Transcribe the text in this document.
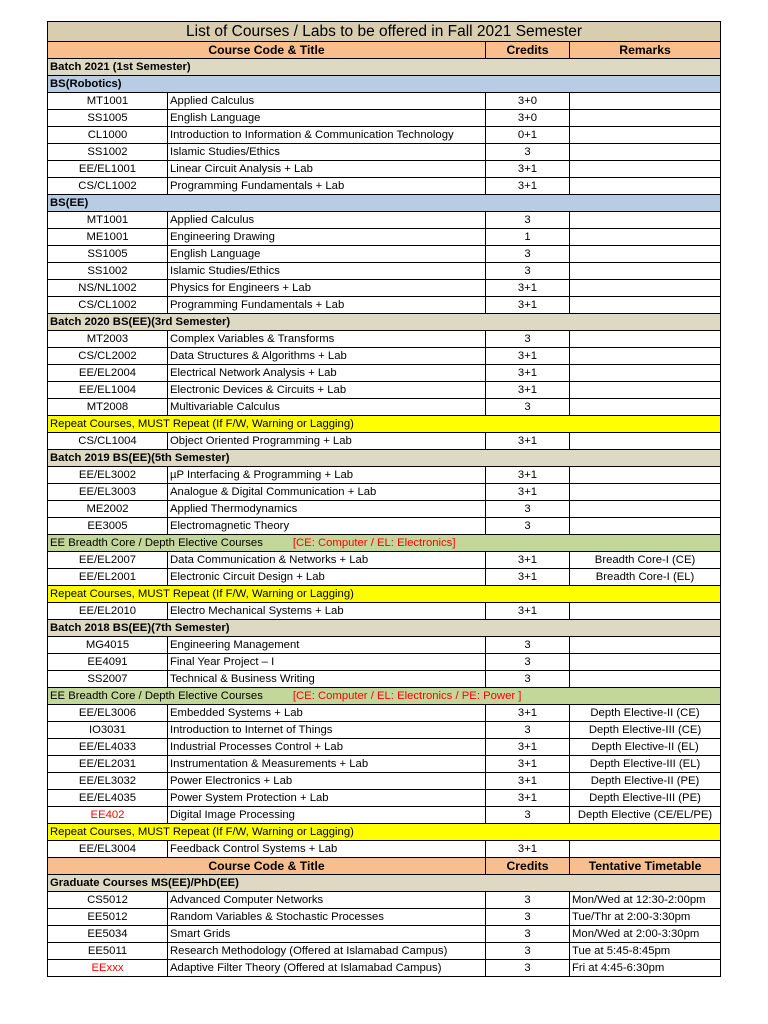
List of Courses / Labs to be offered in Fall 2021 Semester			
Course Code & Title		Credits	Remarks
Batch 2021 (1st Semester)			
BS(Robotics)			
MT1001	Applied Calculus	3+0	
SS1005	English Language	3+0	
CL1000	Introduction to Information & Communication Technology	0+1	
SS1002	Islamic Studies/Ethics	3	
EE/EL1001	Linear Circuit Analysis + Lab	3+1	
CS/CL1002	Programming Fundamentals + Lab	3+1	
BS(EE)			
MT1001	Applied Calculus	3	
ME1001	Engineering Drawing	1	
SS1005	English Language	3	
SS1002	Islamic Studies/Ethics	3	
NS/NL1002	Physics for Engineers + Lab	3+1	
CS/CL1002	Programming Fundamentals + Lab	3+1	
Batch 2020 BS(EE)(3rd Semester)			
MT2003	Complex Variables & Transforms	3	
CS/CL2002	Data Structures & Algorithms + Lab	3+1	
EE/EL2004	Electrical Network Analysis + Lab	3+1	
EE/EL1004	Electronic Devices & Circuits + Lab	3+1	
MT2008	Multivariable Calculus	3	
Repeat Courses, MUST Repeat (If F/W, Warning or Lagging)			
CS/CL1004	Object Oriented Programming + Lab	3+1	
Batch 2019 BS(EE)(5th Semester)			
EE/EL3002	µP Interfacing & Programming + Lab	3+1	
EE/EL3003	Analogue & Digital Communication + Lab	3+1	
ME2002	Applied Thermodynamics	3	
EE3005	Electromagnetic Theory	3	
EE Breadth Core / Depth Elective Courses [CE: Computer / EL: Electronics]			
EE/EL2007	Data Communication & Networks + Lab	3+1	Breadth Core-I (CE)
EE/EL2001	Electronic Circuit Design + Lab	3+1	Breadth Core-I (EL)
Repeat Courses, MUST Repeat (If F/W, Warning or Lagging)			
EE/EL2010	Electro Mechanical Systems + Lab	3+1	
Batch 2018 BS(EE)(7th Semester)			
MG4015	Engineering Management	3	
EE4091	Final Year Project – I	3	
SS2007	Technical & Business Writing	3	
EE Breadth Core / Depth Elective Courses [CE: Computer / EL: Electronics / PE: Power ]			
EE/EL3006	Embedded Systems + Lab	3+1	Depth Elective-II (CE)
IO3031	Introduction to Internet of Things	3	Depth Elective-III (CE)
EE/EL4033	Industrial Processes Control + Lab	3+1	Depth Elective-II (EL)
EE/EL2031	Instrumentation & Measurements + Lab	3+1	Depth Elective-III (EL)
EE/EL3032	Power Electronics + Lab	3+1	Depth Elective-II (PE)
EE/EL4035	Power System Protection + Lab	3+1	Depth Elective-III (PE)
EE402	Digital Image Processing	3	Depth Elective (CE/EL/PE)
Repeat Courses, MUST Repeat (If F/W, Warning or Lagging)			
EE/EL3004	Feedback Control Systems + Lab	3+1	
Course Code & Title		Credits	Tentative Timetable
Graduate Courses MS(EE)/PhD(EE)			
CS5012	Advanced Computer Networks	3	Mon/Wed at 12:30-2:00pm
EE5012	Random Variables & Stochastic Processes	3	Tue/Thr at 2:00-3:30pm
EE5034	Smart Grids	3	Mon/Wed at 2:00-3:30pm
EE5011	Research Methodology (Offered at Islamabad Campus)	3	Tue at 5:45-8:45pm
EExxx	Adaptive Filter Theory (Offered at Islamabad Campus)	3	Fri at 4:45-6:30pm
